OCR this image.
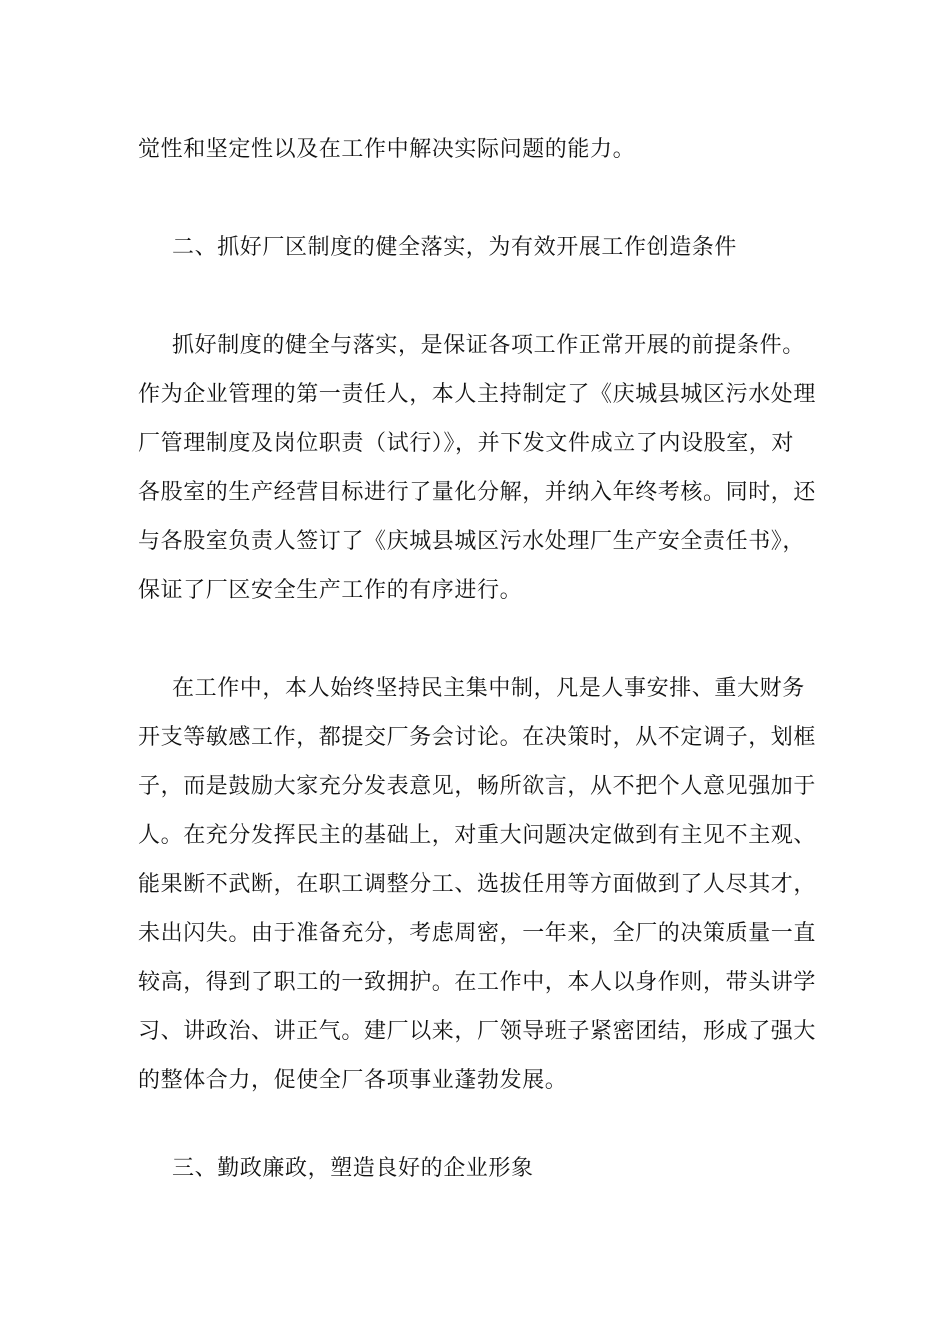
觉性和坚定性以及在工作中解决实际问题的能力。
二、抓好厂区制度的健全落实，为有效开展工作创造条件
抓好制度的健全与落实，是保证各项工作正常开展的前提条件。
作为企业管理的第一责任人，本人主持制定了《庆城县城区污水处理
厂管理制度及岗位职责（试行）》，并下发文件成立了内设股室，对
各股室的生产经营目标进行了量化分解，并纳入年终考核。同时，还
与各股室负责人签订了《庆城县城区污水处理厂生产安全责任书》，
保证了厂区安全生产工作的有序进行。
在工作中，本人始终坚持民主集中制，凡是人事安排、重大财务
开支等敏感工作，都提交厂务会讨论。在决策时，从不定调子，划框
子，而是鼓励大家充分发表意见，畅所欲言，从不把个人意见强加于
人。在充分发挥民主的基础上，对重大问题决定做到有主见不主观、
能果断不武断，在职工调整分工、选拔任用等方面做到了人尽其才，
未出闪失。由于准备充分，考虑周密，一年来，全厂的决策质量一直
较高，得到了职工的一致拥护。在工作中，本人以身作则，带头讲学
习、讲政治、讲正气。建厂以来，厂领导班子紧密团结，形成了强大
的整体合力，促使全厂各项事业蓬勃发展。
三、勤政廉政，塑造良好的企业形象
